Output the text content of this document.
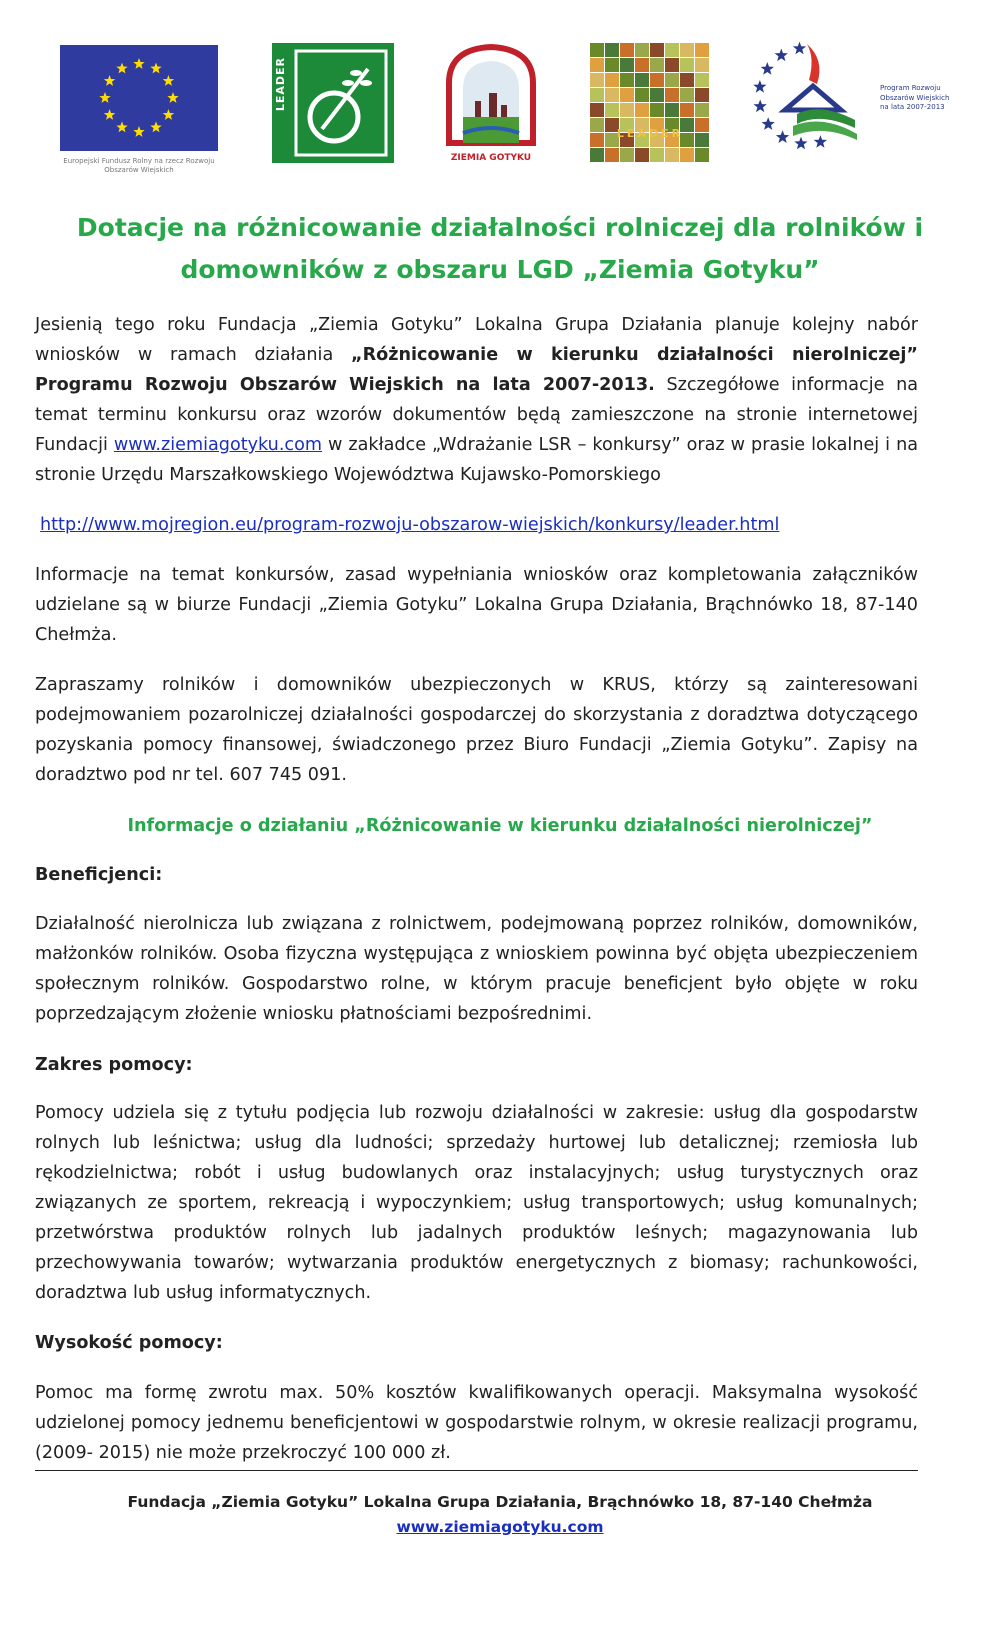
Europejski Fundusz Rolny na rzecz Rozwoju Obszarów Wiejskich
LEADER
ZIEMIA GOTYKU
LEADER
Program Rozwoju Obszarów Wiejskich na lata 2007-2013
Dotacje na różnicowanie działalności rolniczej dla rolników i
domowników z obszaru LGD „Ziemia Gotyku”
Jesienią tego roku Fundacja „Ziemia Gotyku” Lokalna Grupa Działania planuje kolejny nabór wniosków w ramach działania „Różnicowanie w kierunku działalności nierolniczej” Programu Rozwoju Obszarów Wiejskich na lata 2007-2013. Szczegółowe informacje na temat terminu konkursu oraz wzorów dokumentów będą zamieszczone na stronie internetowej Fundacji www.ziemiagotyku.com w zakładce „Wdrażanie LSR – konkursy” oraz w prasie lokalnej i na stronie Urzędu Marszałkowskiego Województwa Kujawsko-Pomorskiego
http://www.mojregion.eu/program-rozwoju-obszarow-wiejskich/konkursy/leader.html
Informacje na temat konkursów, zasad wypełniania wniosków oraz kompletowania załączników udzielane są w biurze Fundacji „Ziemia Gotyku” Lokalna Grupa Działania, Brąchnówko 18, 87-140 Chełmża.
Zapraszamy rolników i domowników ubezpieczonych w KRUS, którzy są zainteresowani podejmowaniem pozarolniczej działalności gospodarczej do skorzystania z doradztwa dotyczącego pozyskania pomocy finansowej, świadczonego przez Biuro Fundacji „Ziemia Gotyku”. Zapisy na doradztwo pod nr tel. 607 745 091.
Informacje o działaniu „Różnicowanie w kierunku działalności nierolniczej”
Beneficjenci:
Działalność nierolnicza lub związana z rolnictwem, podejmowaną poprzez rolników, domowników, małżonków rolników. Osoba fizyczna występująca z wnioskiem powinna być objęta ubezpieczeniem społecznym rolników. Gospodarstwo rolne, w którym pracuje beneficjent było objęte w roku poprzedzającym złożenie wniosku płatnościami bezpośrednimi.
Zakres pomocy:
Pomocy udziela się z tytułu podjęcia lub rozwoju działalności w zakresie: usług dla gospodarstw rolnych lub leśnictwa; usług dla ludności; sprzedaży hurtowej lub detalicznej; rzemiosła lub rękodzielnictwa; robót i usług budowlanych oraz instalacyjnych; usług turystycznych oraz związanych ze sportem, rekreacją i wypoczynkiem; usług transportowych; usług komunalnych; przetwórstwa produktów rolnych lub jadalnych produktów leśnych; magazynowania lub przechowywania towarów; wytwarzania produktów energetycznych z biomasy; rachunkowości, doradztwa lub usług informatycznych.
Wysokość pomocy:
Pomoc ma formę zwrotu max. 50% kosztów kwalifikowanych operacji. Maksymalna wysokość udzielonej pomocy jednemu beneficjentowi w gospodarstwie rolnym, w okresie realizacji programu, (2009- 2015) nie może przekroczyć 100 000 zł.
Fundacja „Ziemia Gotyku” Lokalna Grupa Działania, Brąchnówko 18, 87-140 Chełmża
www.ziemiagotyku.com
